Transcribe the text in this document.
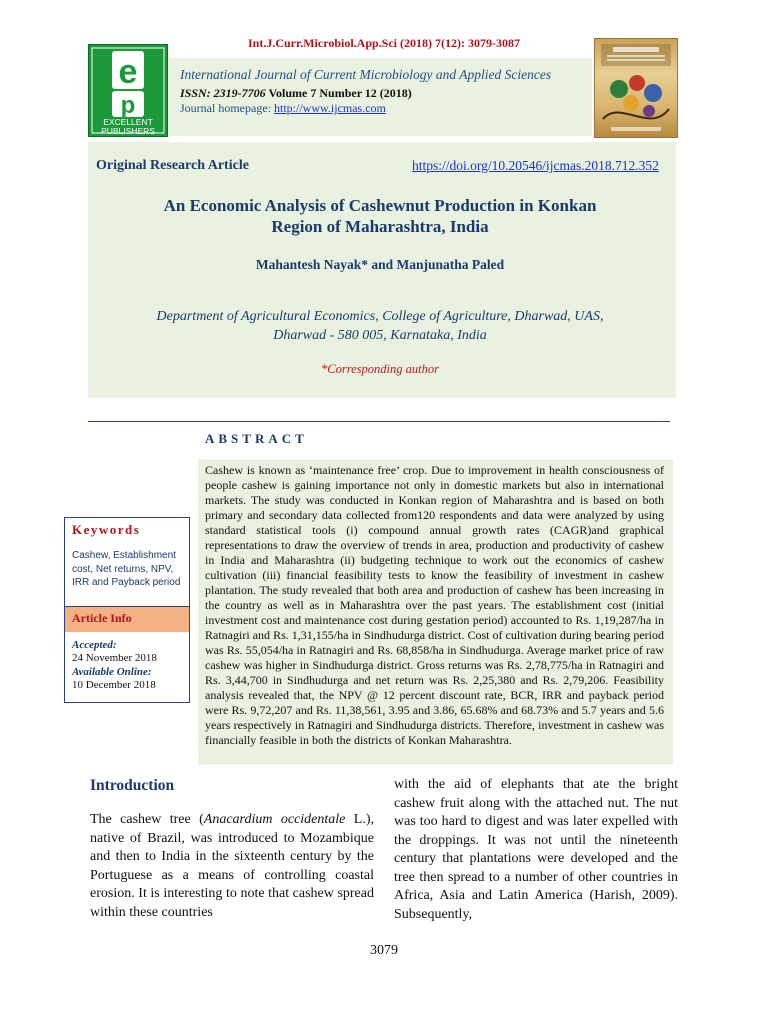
Int.J.Curr.Microbiol.App.Sci (2018) 7(12): 3079-3087
e
p
EXCELLENT
PUBLISHERS
International Journal of Current Microbiology and Applied Sciences
ISSN: 2319-7706 Volume 7 Number 12 (2018)
Journal homepage: http://www.ijcmas.com
Original Research Article	https://doi.org/10.20546/ijcmas.2018.712.352
An Economic Analysis of Cashewnut Production in Konkan
Region of Maharashtra, India
Mahantesh Nayak* and Manjunatha Paled
Department of Agricultural Economics, College of Agriculture, Dharwad, UAS,
Dharwad - 580 005, Karnataka, India
*Corresponding author
ABSTRACT
Cashew is known as ‘maintenance free’ crop. Due to improvement in health consciousness of people cashew is gaining importance not only in domestic markets but also in international markets. The study was conducted in Konkan region of Maharashtra and is based on both primary and secondary data collected from120 respondents and data were analyzed by using standard statistical tools (i) compound annual growth rates (CAGR)and graphical representations to draw the overview of trends in area, production and productivity of cashew in India and Maharashtra (ii) budgeting technique to work out the economics of cashew cultivation (iii) financial feasibility tests to know the feasibility of investment in cashew plantation. The study revealed that both area and production of cashew has been increasing in the country as well as in Maharashtra over the past years. The establishment cost (initial investment cost and maintenance cost during gestation period) accounted to Rs. 1,19,287/ha in Ratnagiri and Rs. 1,31,155/ha in Sindhudurga district. Cost of cultivation during bearing period was Rs. 55,054/ha in Ratnagiri and Rs. 68,858/ha in Sindhudurga. Average market price of raw cashew was higher in Sindhudurga district. Gross returns was Rs. 2,78,775/ha in Ratnagiri and Rs. 3,44,700 in Sindhudurga and net return was Rs. 2,25,380 and Rs. 2,79,206. Feasibility analysis revealed that, the NPV @ 12 percent discount rate, BCR, IRR and payback period were Rs. 9,72,207 and Rs. 11,38,561, 3.95 and 3.86, 65.68% and 68.73% and 5.7 years and 5.6 years respectively in Ratnagiri and Sindhudurga districts. Therefore, investment in cashew was financially feasible in both the districts of Konkan Maharashtra.
Keywords
Cashew, Establishment cost, Net returns, NPV, IRR and Payback period
Article Info
Accepted:
24 November 2018
Available Online:
10 December 2018
Introduction

The cashew tree (Anacardium occidentale L.), native of Brazil, was introduced to Mozambique and then to India in the sixteenth century by the Portuguese as a means of controlling coastal erosion. It is interesting to note that cashew spread within these countries

with the aid of elephants that ate the bright cashew fruit along with the attached nut. The nut was too hard to digest and was later expelled with the droppings. It was not until the nineteenth century that plantations were developed and the tree then spread to a number of other countries in Africa, Asia and Latin America (Harish, 2009). Subsequently,

3079
